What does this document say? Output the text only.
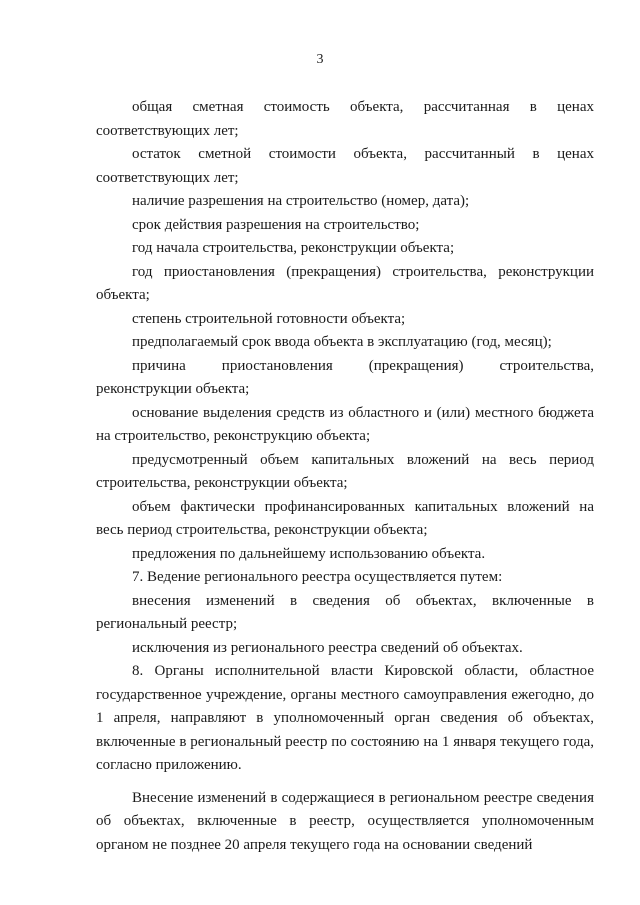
3

общая сметная стоимость объекта, рассчитанная в ценах соответствующих лет;

остаток сметной стоимости объекта, рассчитанный в ценах соответствующих лет;

наличие разрешения на строительство (номер, дата);

срок действия разрешения на строительство;

год начала строительства, реконструкции объекта;

год приостановления (прекращения) строительства, реконструкции объекта;

степень строительной готовности объекта;

предполагаемый срок ввода объекта в эксплуатацию (год, месяц);

причина приостановления (прекращения) строительства, реконструкции объекта;

основание выделения средств из областного и (или) местного бюджета на строительство, реконструкцию объекта;

предусмотренный объем капитальных вложений на весь период строительства, реконструкции объекта;

объем фактически профинансированных капитальных вложений на весь период строительства, реконструкции объекта;

предложения по дальнейшему использованию объекта.

7. Ведение регионального реестра осуществляется путем:

внесения изменений в сведения об объектах, включенные в региональный реестр;

исключения из регионального реестра сведений об объектах.

8. Органы исполнительной власти Кировской области, областное государственное учреждение, органы местного самоуправления ежегодно, до 1 апреля, направляют в уполномоченный орган сведения об объектах, включенные в региональный реестр по состоянию на 1 января текущего года, согласно приложению.

Внесение изменений в содержащиеся в региональном реестре сведения об объектах, включенные в реестр, осуществляется уполномоченным органом не позднее 20 апреля текущего года на основании сведений
